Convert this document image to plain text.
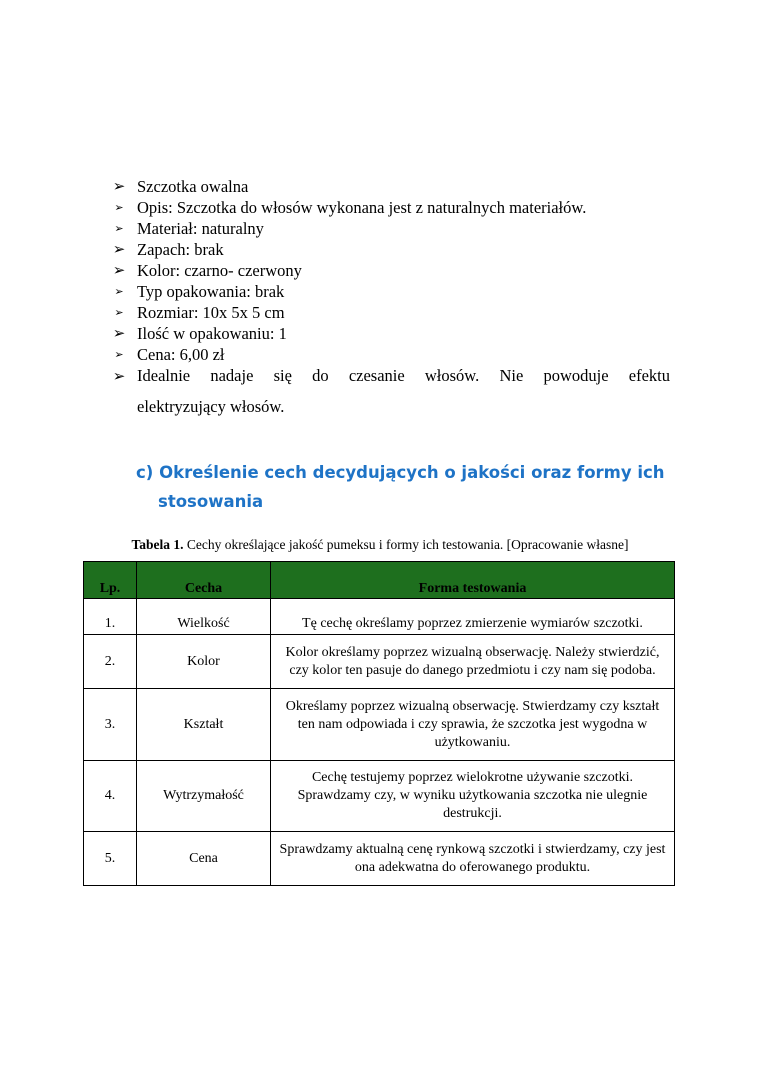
➢ Szczotka owalna
➢ Opis: Szczotka do włosów wykonana jest z naturalnych materiałów.
➢ Materiał: naturalny
➢ Zapach: brak
➢ Kolor: czarno- czerwony
➢ Typ opakowania: brak
➢ Rozmiar: 10x 5x 5 cm
➢ Ilość w opakowaniu: 1
➢ Cena: 6,00 zł
➢ Idealnie nadaje się do czesanie włosów. Nie powoduje efektu
elektryzujący włosów.
c) Określenie cech decydujących o jakości oraz formy ich
stosowania
Tabela 1. Cechy określające jakość pumeksu i formy ich testowania. [Opracowanie własne]
Lp.	Cecha	Forma testowania
1.	Wielkość	Tę cechę określamy poprzez zmierzenie wymiarów szczotki.
2.	Kolor	Kolor określamy poprzez wizualną obserwację. Należy stwierdzić, czy kolor ten pasuje do danego przedmiotu i czy nam się podoba.
3.	Kształt	Określamy poprzez wizualną obserwację. Stwierdzamy czy kształt ten nam odpowiada i czy sprawia, że szczotka jest wygodna w użytkowaniu.
4.	Wytrzymałość	Cechę testujemy poprzez wielokrotne używanie szczotki. Sprawdzamy czy, w wyniku użytkowania szczotka nie ulegnie destrukcji.
5.	Cena	Sprawdzamy aktualną cenę rynkową szczotki i stwierdzamy, czy jest ona adekwatna do oferowanego produktu.
